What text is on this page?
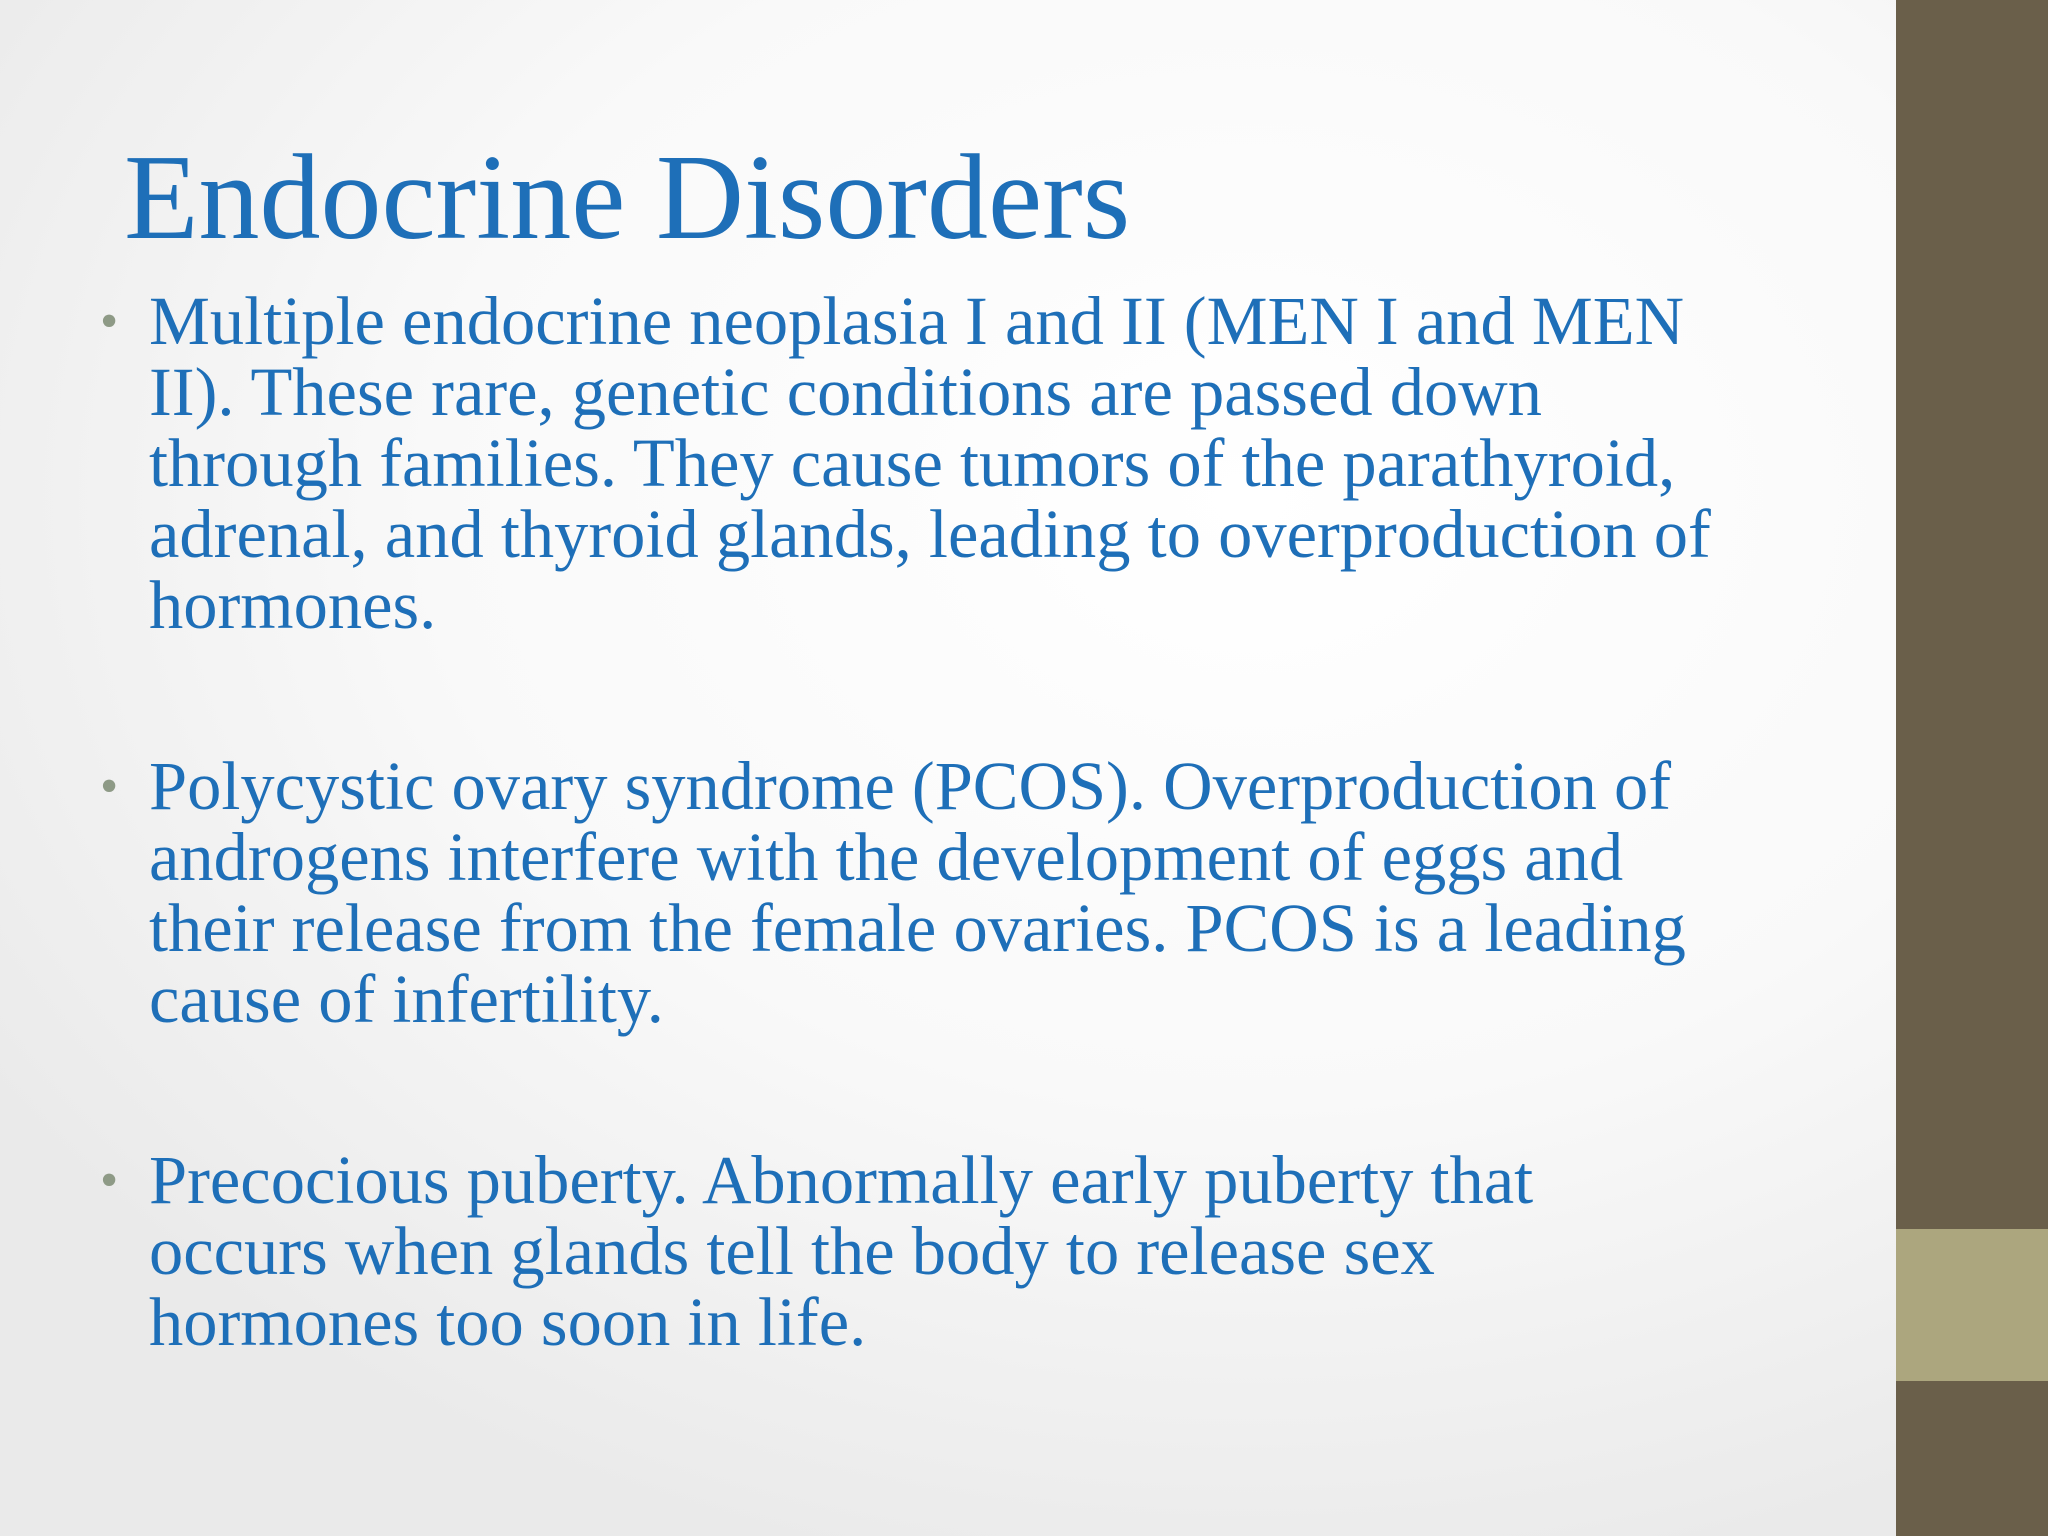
Endocrine Disorders
• Multiple endocrine neoplasia I and II (MEN I and MEN
II). These rare, genetic conditions are passed down
through families. They cause tumors of the parathyroid,
adrenal, and thyroid glands, leading to overproduction of
hormones.
• Polycystic ovary syndrome (PCOS). Overproduction of
androgens interfere with the development of eggs and
their release from the female ovaries. PCOS is a leading
cause of infertility.
• Precocious puberty. Abnormally early puberty that
occurs when glands tell the body to release sex
hormones too soon in life.
